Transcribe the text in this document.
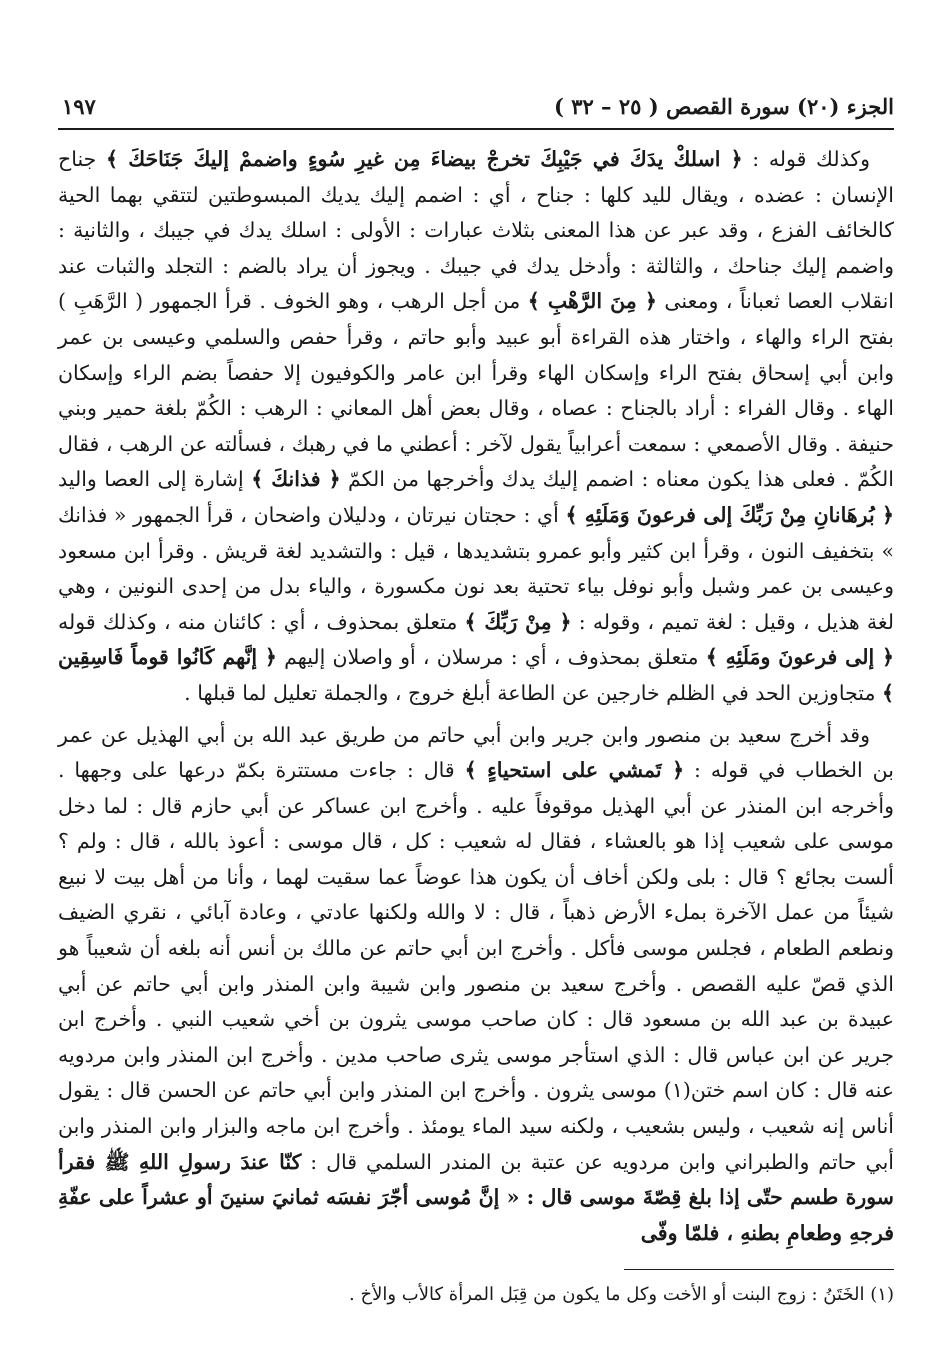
الجزء (٢٠) سورة القصص ( ٢٥ – ٣٢ )
١٩٧

وكذلك قوله : ﴿ اسلكْ يدَكَ في جَيْبِكَ تخرجْ بيضاءَ مِن غيرِ سُوءٍ واضممْ إليكَ جَنَاحَكَ ﴾ جناح الإنسان : عضده ، ويقال لليد كلها : جناح ، أي : اضمم إليك يديك المبسوطتين لتتقي بهما الحية كالخائف الفزع ، وقد عبر عن هذا المعنى بثلاث عبارات : الأولى : اسلك يدك في جيبك ، والثانية : واضمم إليك جناحك ، والثالثة : وأدخل يدك في جيبك . ويجوز أن يراد بالضم : التجلد والثبات عند انقلاب العصا ثعباناً ، ومعنى ﴿ مِنَ الرَّهْبِ ﴾ من أجل الرهب ، وهو الخوف . قرأ الجمهور ( الرَّهَبِ ) بفتح الراء والهاء ، واختار هذه القراءة أبو عبيد وأبو حاتم ، وقرأ حفص والسلمي وعيسى بن عمر وابن أبي إسحاق بفتح الراء وإسكان الهاء وقرأ ابن عامر والكوفيون إلا حفصاً بضم الراء وإسكان الهاء . وقال الفراء : أراد بالجناح : عصاه ، وقال بعض أهل المعاني : الرهب : الكُمّ بلغة حمير وبني حنيفة . وقال الأصمعي : سمعت أعرابياً يقول لآخر : أعطني ما في رهبك ، فسألته عن الرهب ، فقال الكُمّ . فعلى هذا يكون معناه : اضمم إليك يدك وأخرجها من الكمّ ﴿ فذانكَ ﴾ إشارة إلى العصا واليد ﴿ بُرهَانانِ مِنْ رَبِّكَ إلى فرعونَ وَمَلَئِهِ ﴾ أي : حجتان نيرتان ، ودليلان واضحان ، قرأ الجمهور « فذانك » بتخفيف النون ، وقرأ ابن كثير وأبو عمرو بتشديدها ، قيل : والتشديد لغة قريش . وقرأ ابن مسعود وعيسى بن عمر وشبل وأبو نوفل بياء تحتية بعد نون مكسورة ، والياء بدل من إحدى النونين ، وهي لغة هذيل ، وقيل : لغة تميم ، وقوله : ﴿ مِنْ رَبِّكَ ﴾ متعلق بمحذوف ، أي : كائنان منه ، وكذلك قوله ﴿ إلى فرعونَ ومَلَئِهِ ﴾ متعلق بمحذوف ، أي : مرسلان ، أو واصلان إليهم ﴿ إنَّهم كَانُوا قوماً فَاسِقِين ﴾ متجاوزين الحد في الظلم خارجين عن الطاعة أبلغ خروج ، والجملة تعليل لما قبلها .

وقد أخرج سعيد بن منصور وابن جرير وابن أبي حاتم من طريق عبد الله بن أبي الهذيل عن عمر بن الخطاب في قوله : ﴿ تَمشي على استحياءٍ ﴾ قال : جاءت مستترة بكمّ درعها على وجهها . وأخرجه ابن المنذر عن أبي الهذيل موقوفاً عليه . وأخرج ابن عساكر عن أبي حازم قال : لما دخل موسى على شعيب إذا هو بالعشاء ، فقال له شعيب : كل ، قال موسى : أعوذ بالله ، قال : ولم ؟ ألست بجائع ؟ قال : بلى ولكن أخاف أن يكون هذا عوضاً عما سقيت لهما ، وأنا من أهل بيت لا نبيع شيئاً من عمل الآخرة بملء الأرض ذهباً ، قال : لا والله ولكنها عادتي ، وعادة آبائي ، نقري الضيف ونطعم الطعام ، فجلس موسى فأكل . وأخرج ابن أبي حاتم عن مالك بن أنس أنه بلغه أن شعيباً هو الذي قصّ عليه القصص . وأخرج سعيد بن منصور وابن شيبة وابن المنذر وابن أبي حاتم عن أبي عبيدة بن عبد الله بن مسعود قال : كان صاحب موسى يثرون بن أخي شعيب النبي . وأخرج ابن جرير عن ابن عباس قال : الذي استأجر موسى يثرى صاحب مدين . وأخرج ابن المنذر وابن مردويه عنه قال : كان اسم ختن(١) موسى يثرون . وأخرج ابن المنذر وابن أبي حاتم عن الحسن قال : يقول أناس إنه شعيب ، وليس بشعيب ، ولكنه سيد الماء يومئذ . وأخرج ابن ماجه والبزار وابن المنذر وابن أبي حاتم والطبراني وابن مردويه عن عتبة بن المندر السلمي قال : كنّا عندَ رسولِ اللهِ ﷺ فقرأ سورة طسم حتّى إذا بلغ قِصّةَ موسى قال : « إنَّ مُوسى أجّرَ نفسَه ثمانيَ سنينَ أو عشراً على عفّةِ فرجهِ وطعامِ بطنهِ ، فلمّا وفّى

(١) الخَتَنُ : زوج البنت أو الأخت وكل ما يكون من قِبَل المرأة كالأب والأخ .
